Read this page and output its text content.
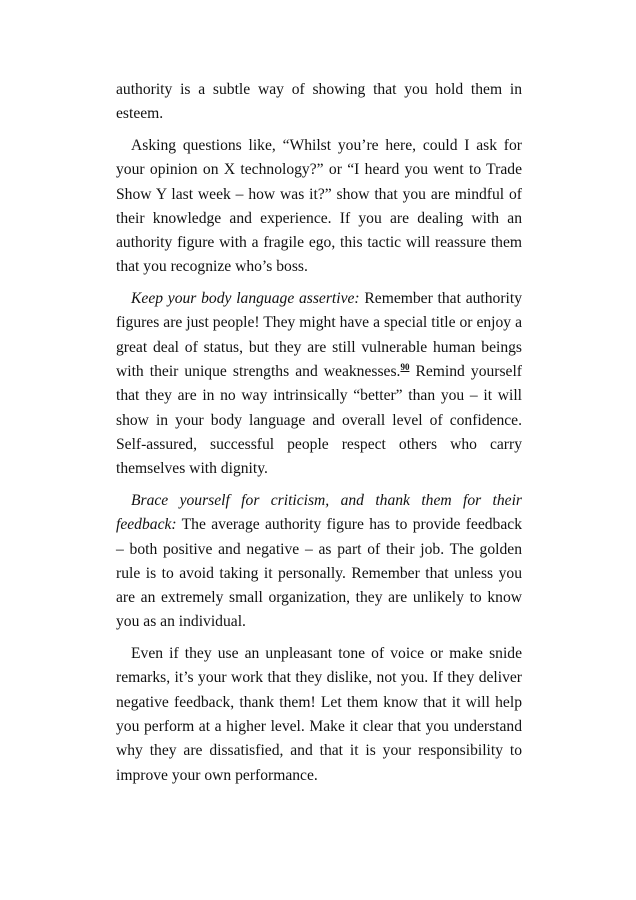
authority is a subtle way of showing that you hold them in esteem.

Asking questions like, “Whilst you’re here, could I ask for your opinion on X technology?” or “I heard you went to Trade Show Y last week – how was it?” show that you are mindful of their knowledge and experience. If you are dealing with an authority figure with a fragile ego, this tactic will reassure them that you recognize who’s boss.

Keep your body language assertive: Remember that authority figures are just people! They might have a special title or enjoy a great deal of status, but they are still vulnerable human beings with their unique strengths and weaknesses.$^{90}$ Remind yourself that they are in no way intrinsically “better” than you – it will show in your body language and overall level of confidence. Self-assured, successful people respect others who carry themselves with dignity.

Brace yourself for criticism, and thank them for their feedback: The average authority figure has to provide feedback – both positive and negative – as part of their job. The golden rule is to avoid taking it personally. Remember that unless you are an extremely small organization, they are unlikely to know you as an individual.

Even if they use an unpleasant tone of voice or make snide remarks, it’s your work that they dislike, not you. If they deliver negative feedback, thank them! Let them know that it will help you perform at a higher level. Make it clear that you understand why they are dissatisfied, and that it is your responsibility to improve your own performance.
